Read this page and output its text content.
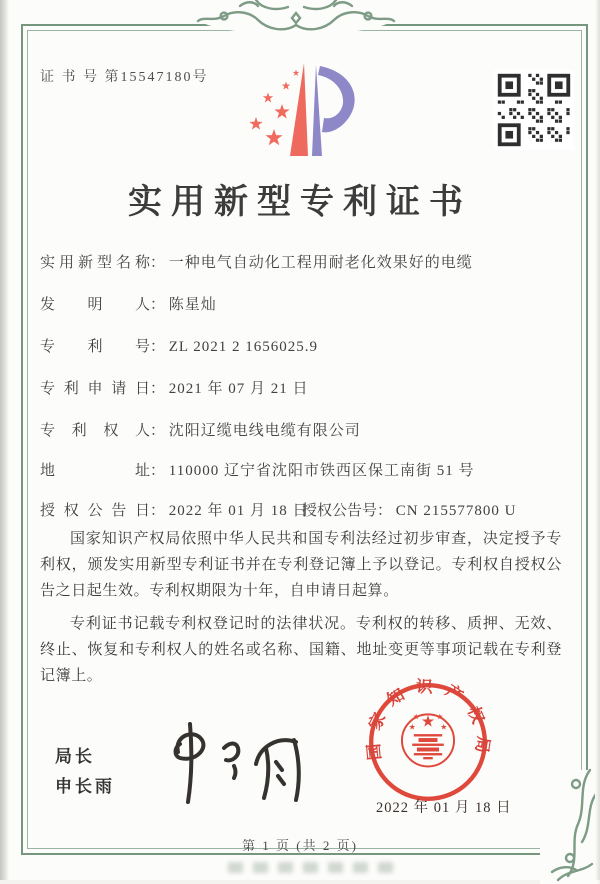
证 书 号 第15547180号
实用新型专利证书
实用新型名称： 一种电气自动化工程用耐老化效果好的电缆
发明人： 陈星灿
专利号： ZL 2021 2 1656025.9
专利申请日： 2021 年 07 月 21 日
专利权人： 沈阳辽缆电线电缆有限公司
地址： 110000 辽宁省沈阳市铁西区保工南街 51 号
授权公告日： 2022 年 01 月 18 日
授权公告号： CN 215577800 U

国家知识产权局依照中华人民共和国专利法经过初步审查，决定授予专利权，颁发实用新型专利证书并在专利登记簿上予以登记。专利权自授权公告之日起生效。专利权期限为十年，自申请日起算。

专利证书记载专利权登记时的法律状况。专利权的转移、质押、无效、终止、恢复和专利权人的姓名或名称、国籍、地址变更等事项记载在专利登记簿上。

局长
申长雨
国家知识产权局
2022 年 01 月 18 日
第 1 页 (共 2 页)
